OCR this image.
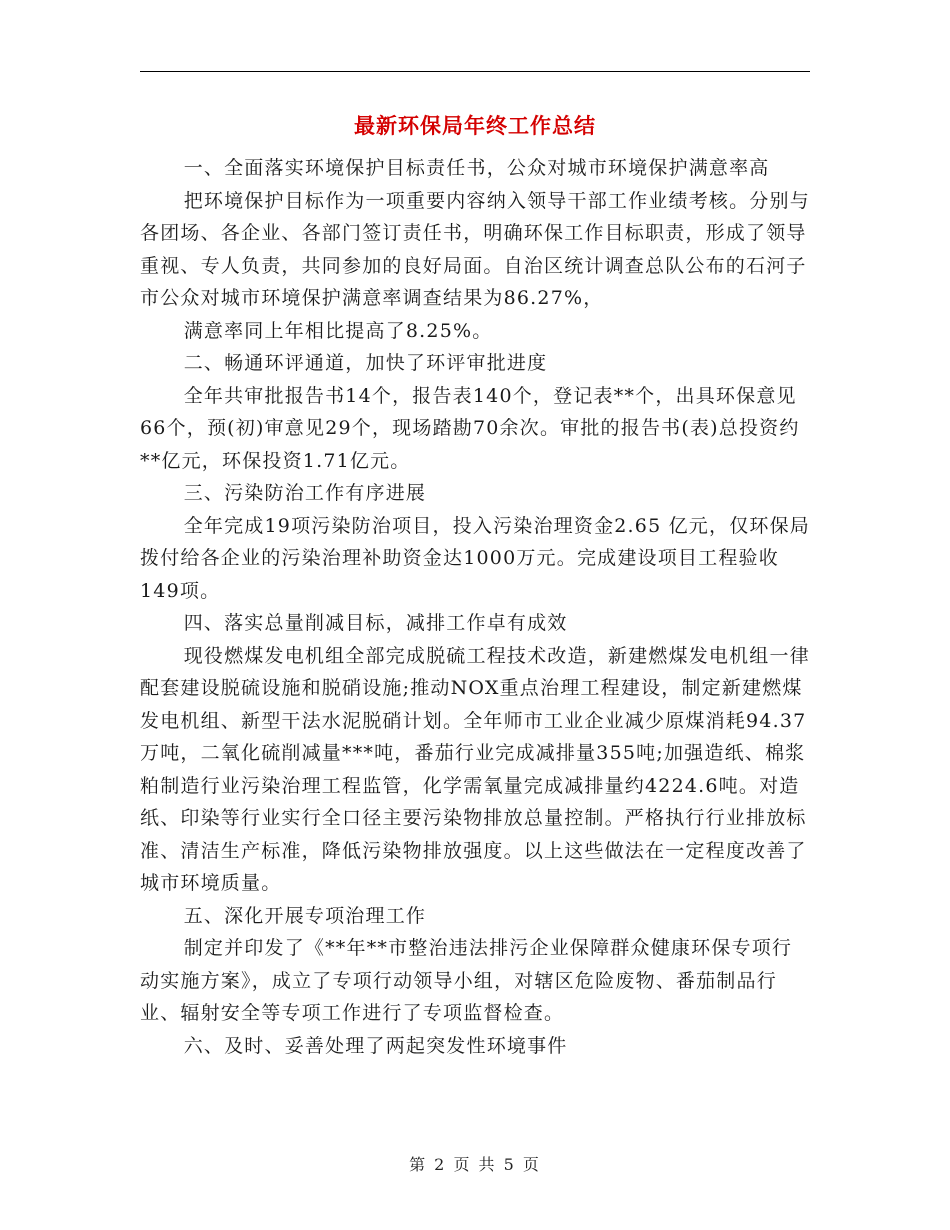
最新环保局年终工作总结

一、全面落实环境保护目标责任书，公众对城市环境保护满意率高

把环境保护目标作为一项重要内容纳入领导干部工作业绩考核。分别与各团场、各企业、各部门签订责任书，明确环保工作目标职责，形成了领导重视、专人负责，共同参加的良好局面。自治区统计调查总队公布的石河子市公众对城市环境保护满意率调查结果为86.27%，

满意率同上年相比提高了8.25%。

二、畅通环评通道，加快了环评审批进度

全年共审批报告书14个，报告表140个，登记表**个，出具环保意见66个，预(初)审意见29个，现场踏勘70余次。审批的报告书(表)总投资约**亿元，环保投资1.71亿元。

三、污染防治工作有序进展

全年完成19项污染防治项目，投入污染治理资金2.65 亿元，仅环保局拨付给各企业的污染治理补助资金达1000万元。完成建设项目工程验收149项。

四、落实总量削减目标，减排工作卓有成效

现役燃煤发电机组全部完成脱硫工程技术改造，新建燃煤发电机组一律配套建设脱硫设施和脱硝设施;推动NOX重点治理工程建设，制定新建燃煤发电机组、新型干法水泥脱硝计划。全年师市工业企业减少原煤消耗94.37万吨，二氧化硫削减量***吨，番茄行业完成减排量355吨;加强造纸、棉浆粕制造行业污染治理工程监管，化学需氧量完成减排量约4224.6吨。对造纸、印染等行业实行全口径主要污染物排放总量控制。严格执行行业排放标准、清洁生产标准，降低污染物排放强度。以上这些做法在一定程度改善了城市环境质量。

五、深化开展专项治理工作

制定并印发了《**年**市整治违法排污企业保障群众健康环保专项行动实施方案》，成立了专项行动领导小组，对辖区危险废物、番茄制品行业、辐射安全等专项工作进行了专项监督检查。

六、及时、妥善处理了两起突发性环境事件

第 2 页 共 5 页
